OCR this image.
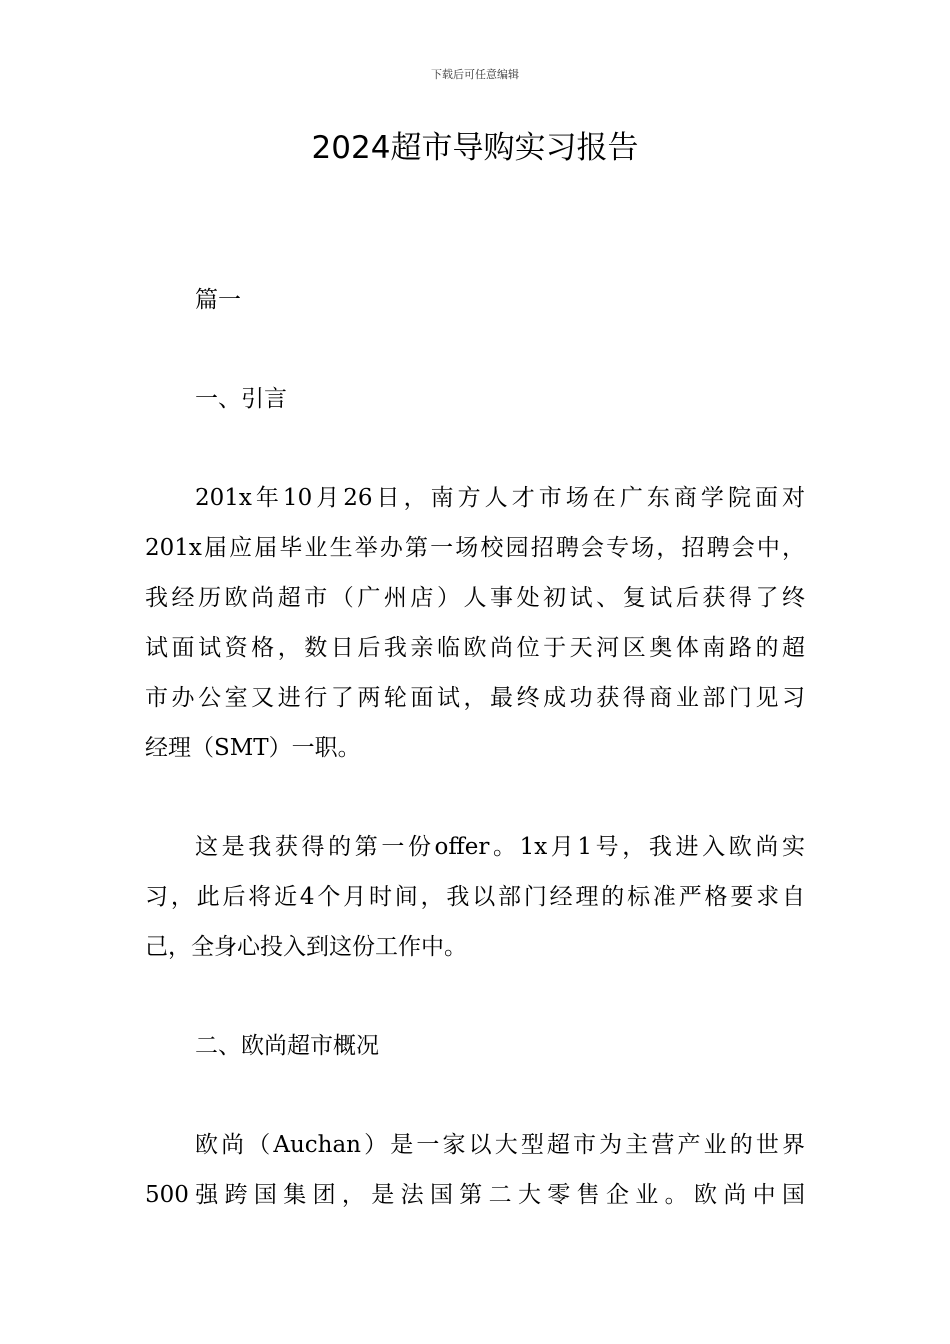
下载后可任意编辑
2024超市导购实习报告
篇一
一、引言
201x年10月26日，南方人才市场在广东商学院面对
201x届应届毕业生举办第一场校园招聘会专场，招聘会中，
我经历欧尚超市（广州店）人事处初试、复试后获得了终
试面试资格，数日后我亲临欧尚位于天河区奥体南路的超
市办公室又进行了两轮面试，最终成功获得商业部门见习
经理（SMT）一职。
这是我获得的第一份offer。1x月1号，我进入欧尚实
习，此后将近4个月时间，我以部门经理的标准严格要求自
己，全身心投入到这份工作中。
二、欧尚超市概况
欧尚（Auchan）是一家以大型超市为主营产业的世界
500强跨国集团，是法国第二大零售企业。欧尚中国
